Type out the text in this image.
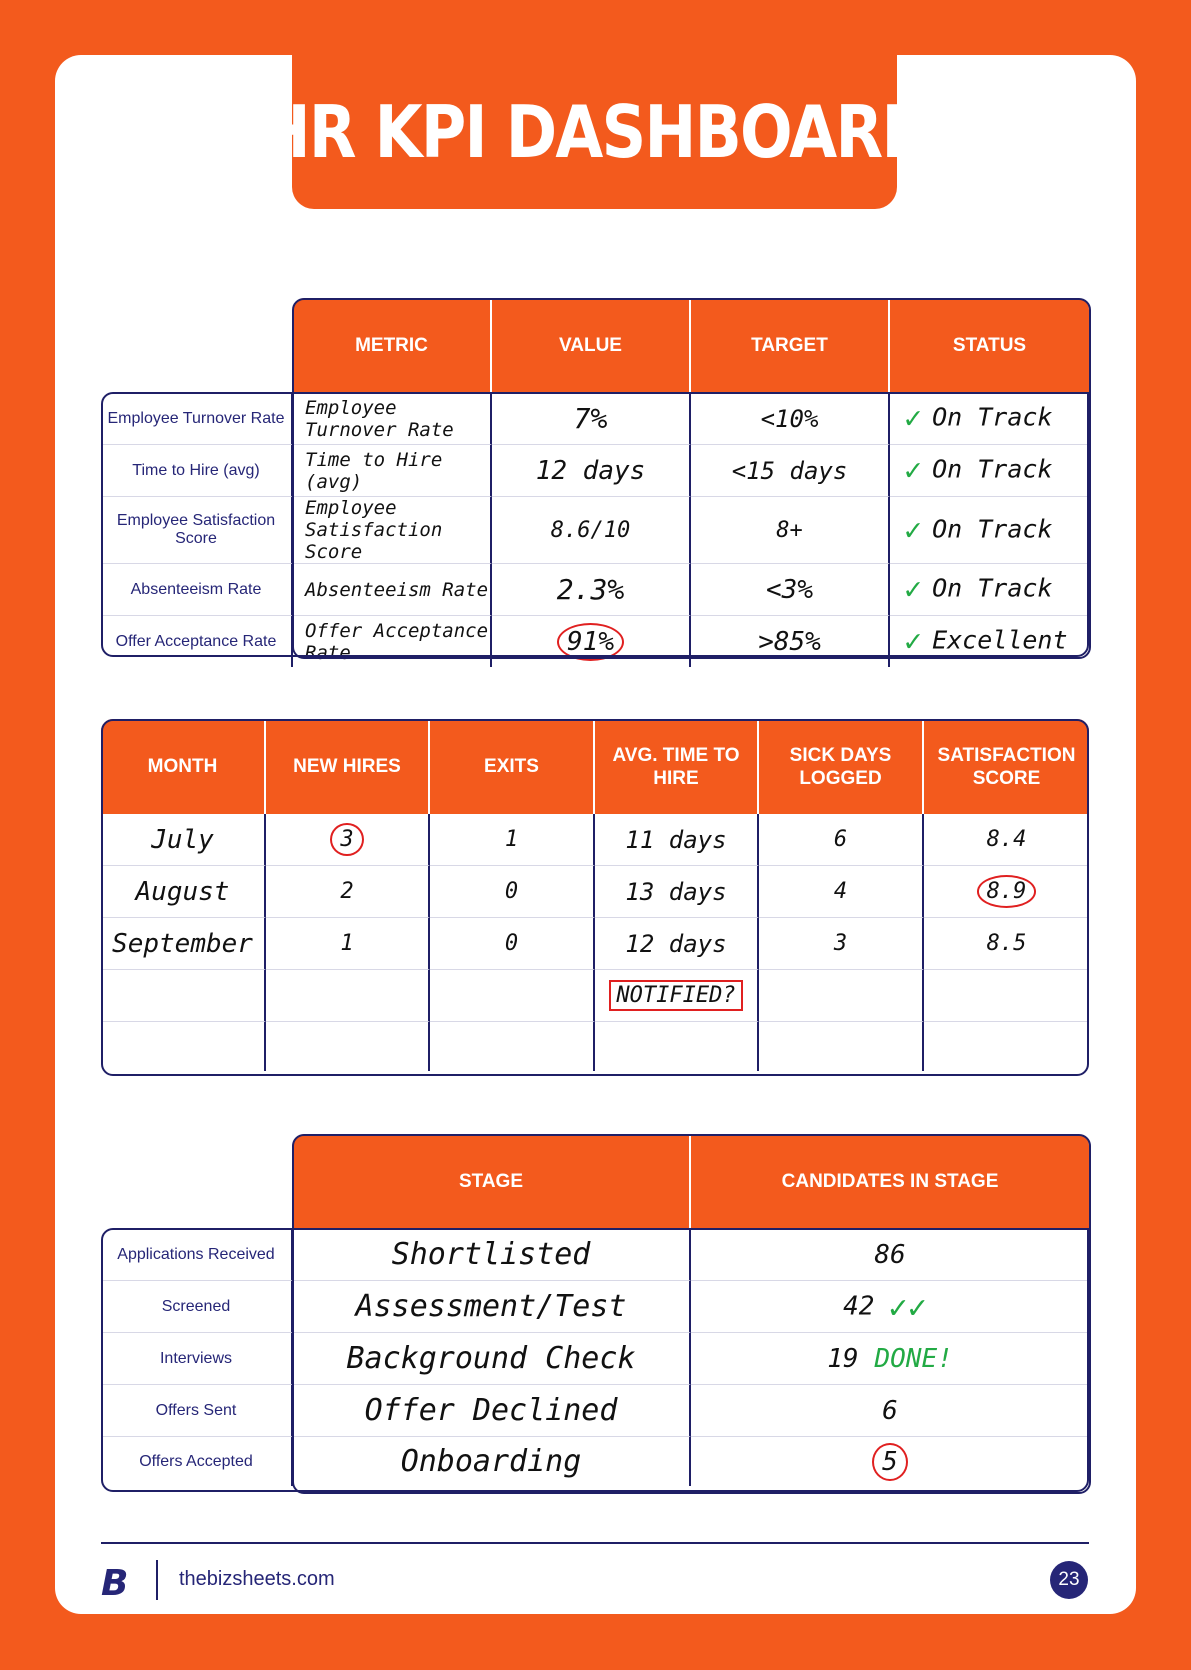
HR KPI DASHBOARD
	METRIC	VALUE	TARGET	STATUS
Employee Turnover Rate	Employee Turnover Rate	7%	<10%	✓ On Track
Time to Hire (avg)	Time to Hire (avg)	12 days	<15 days	✓ On Track
Employee Satisfaction Score	Employee Satisfaction Score	8.6/10	8+	✓ On Track
Absenteeism Rate	Absenteeism Rate	2.3%	<3%	✓ On Track
Offer Acceptance Rate	Offer Acceptance Rate	91%	>85%	✓ Excellent
MONTH	NEW HIRES	EXITS	AVG. TIME TO HIRE	SICK DAYS LOGGED	SATISFACTION SCORE
July	3	1	11 days	6	8.4
August	2	0	13 days	4	8.9
September	1	0	12 days	3	8.5
			NOTIFIED?		

	STAGE	CANDIDATES IN STAGE
Applications Received	Shortlisted	86
Screened	Assessment/Test	42 ✓✓
Interviews	Background Check	19 DONE!
Offers Sent	Offer Declined	6
Offers Accepted	Onboarding	5
B	thebizsheets.com	23
